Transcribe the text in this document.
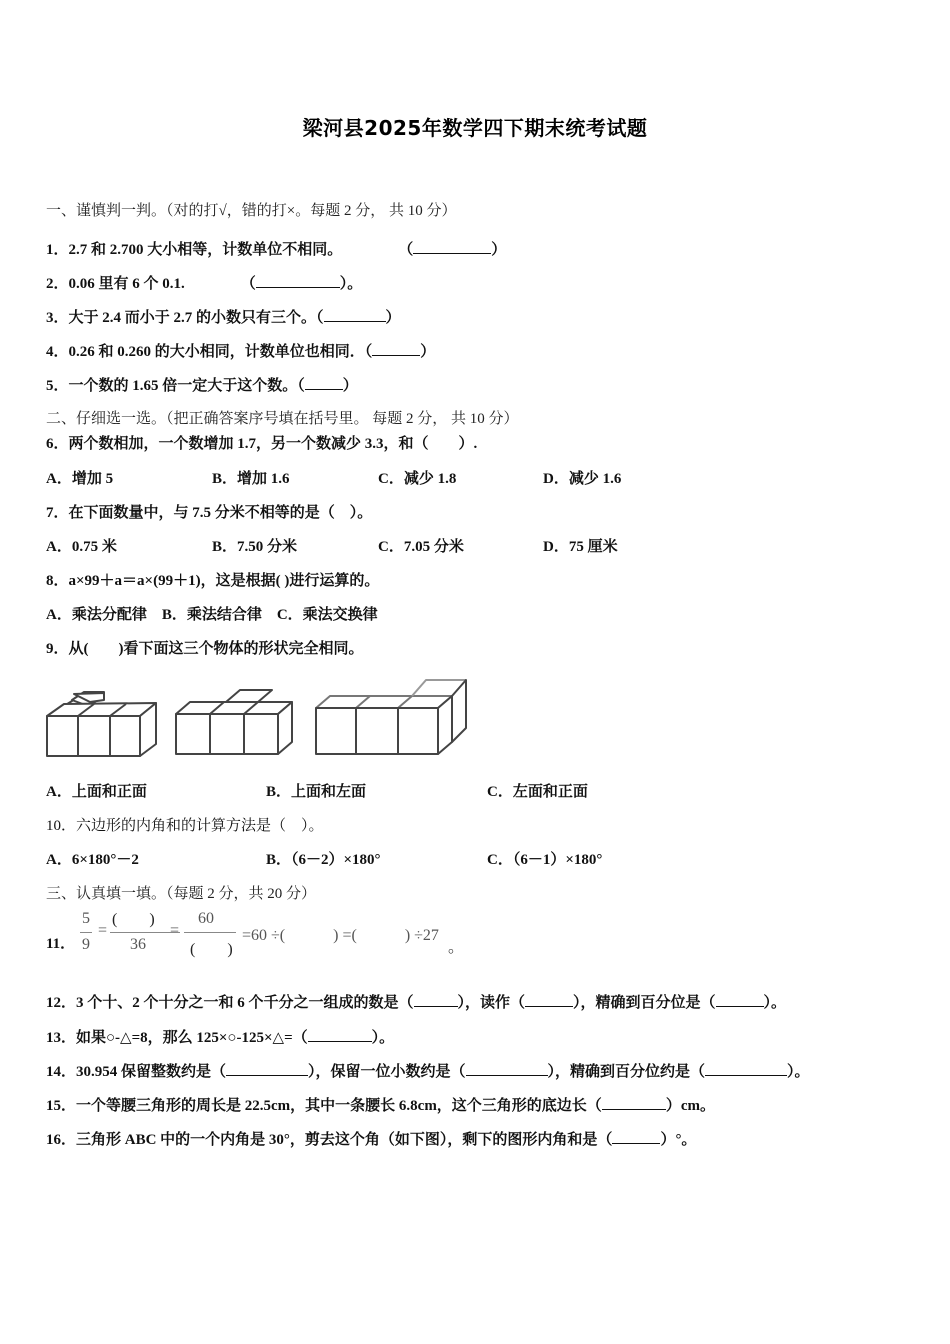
梁河县2025年数学四下期末统考试题
一、谨慎判一判。（对的打√，错的打×。每题 2 分， 共 10 分）
1．2.7 和 2.700 大小相等，计数单位不相同。	（	）
2．0.06 里有 6 个 0.1.	（	）。
3．大于 2.4 而小于 2.7 的小数只有三个。（	）
4．0.26 和 0.260 的大小相同，计数单位也相同．（	）
5．一个数的 1.65 倍一定大于这个数。（	）
二、仔细选一选。（把正确答案序号填在括号里。 每题 2 分， 共 10 分）
6．两个数相加，一个数增加 1.7，另一个数减少 3.3，和（　　）.
A．增加 5	B．增加 1.6	C．减少 1.8	D．减少 1.6
7．在下面数量中，与 7.5 分米不相等的是（　）。
A．0.75 米	B．7.50 分米	C．7.05 分米	D．75 厘米
8．a×99＋a＝a×(99＋1)，这是根据( )进行运算的。
A．乘法分配律　B．乘法结合律　C．乘法交换律
9．从(　　)看下面这三个物体的形状完全相同。
A．上面和正面	B．上面和左面	C．左面和正面
10．六边形的内角和的计算方法是（　）。
A．6×180°－2	B．（6－2）×180°	C．（6－1）×180°
三、认真填一填。（每题 2 分，共 20 分）
11．
5
9
=
(　　)
36
=
60
(　　)
=60 ÷(　　　) =(　　　) ÷27
。
12．3 个十、2 个十分之一和 6 个千分之一组成的数是（	），读作（	），精确到百分位是（	）。
13．如果○-△=8，那么 125×○-125×△=（	）。
14．30.954 保留整数约是（	），保留一位小数约是（	），精确到百分位约是（	）。
15．一个等腰三角形的周长是 22.5cm，其中一条腰长 6.8cm，这个三角形的底边长（	）cm。
16．三角形 ABC 中的一个内角是 30°，剪去这个角（如下图），剩下的图形内角和是（	）°。
